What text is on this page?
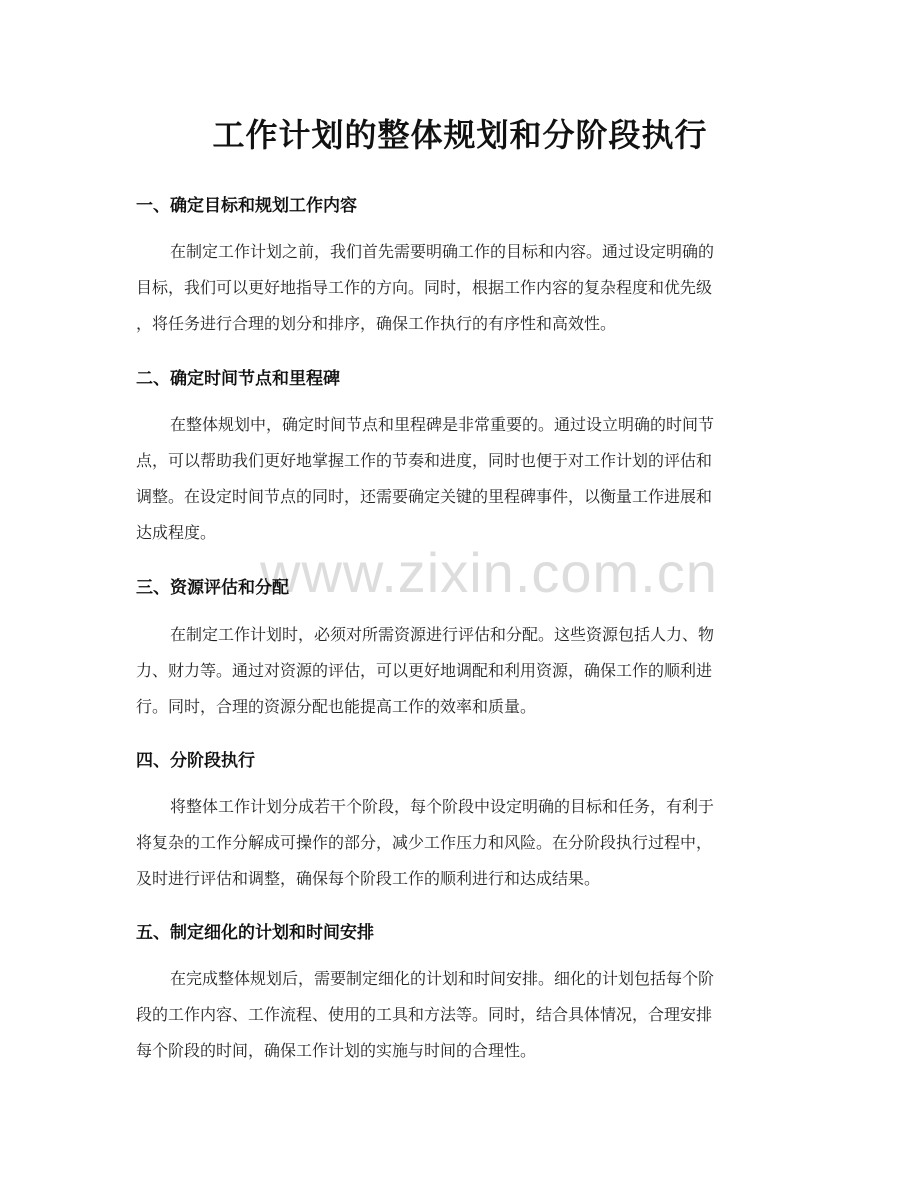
工作计划的整体规划和分阶段执行
一、确定目标和规划工作内容

在制定工作计划之前，我们首先需要明确工作的目标和内容。通过设定明确的
目标，我们可以更好地指导工作的方向。同时，根据工作内容的复杂程度和优先级
，将任务进行合理的划分和排序，确保工作执行的有序性和高效性。

二、确定时间节点和里程碑

在整体规划中，确定时间节点和里程碑是非常重要的。通过设立明确的时间节
点，可以帮助我们更好地掌握工作的节奏和进度，同时也便于对工作计划的评估和
调整。在设定时间节点的同时，还需要确定关键的里程碑事件，以衡量工作进展和
达成程度。

www.zixin.com.cn
三、资源评估和分配

在制定工作计划时，必须对所需资源进行评估和分配。这些资源包括人力、物
力、财力等。通过对资源的评估，可以更好地调配和利用资源，确保工作的顺利进
行。同时，合理的资源分配也能提高工作的效率和质量。

四、分阶段执行

将整体工作计划分成若干个阶段，每个阶段中设定明确的目标和任务，有利于
将复杂的工作分解成可操作的部分，减少工作压力和风险。在分阶段执行过程中，
及时进行评估和调整，确保每个阶段工作的顺利进行和达成结果。

五、制定细化的计划和时间安排

在完成整体规划后，需要制定细化的计划和时间安排。细化的计划包括每个阶
段的工作内容、工作流程、使用的工具和方法等。同时，结合具体情况，合理安排
每个阶段的时间，确保工作计划的实施与时间的合理性。
